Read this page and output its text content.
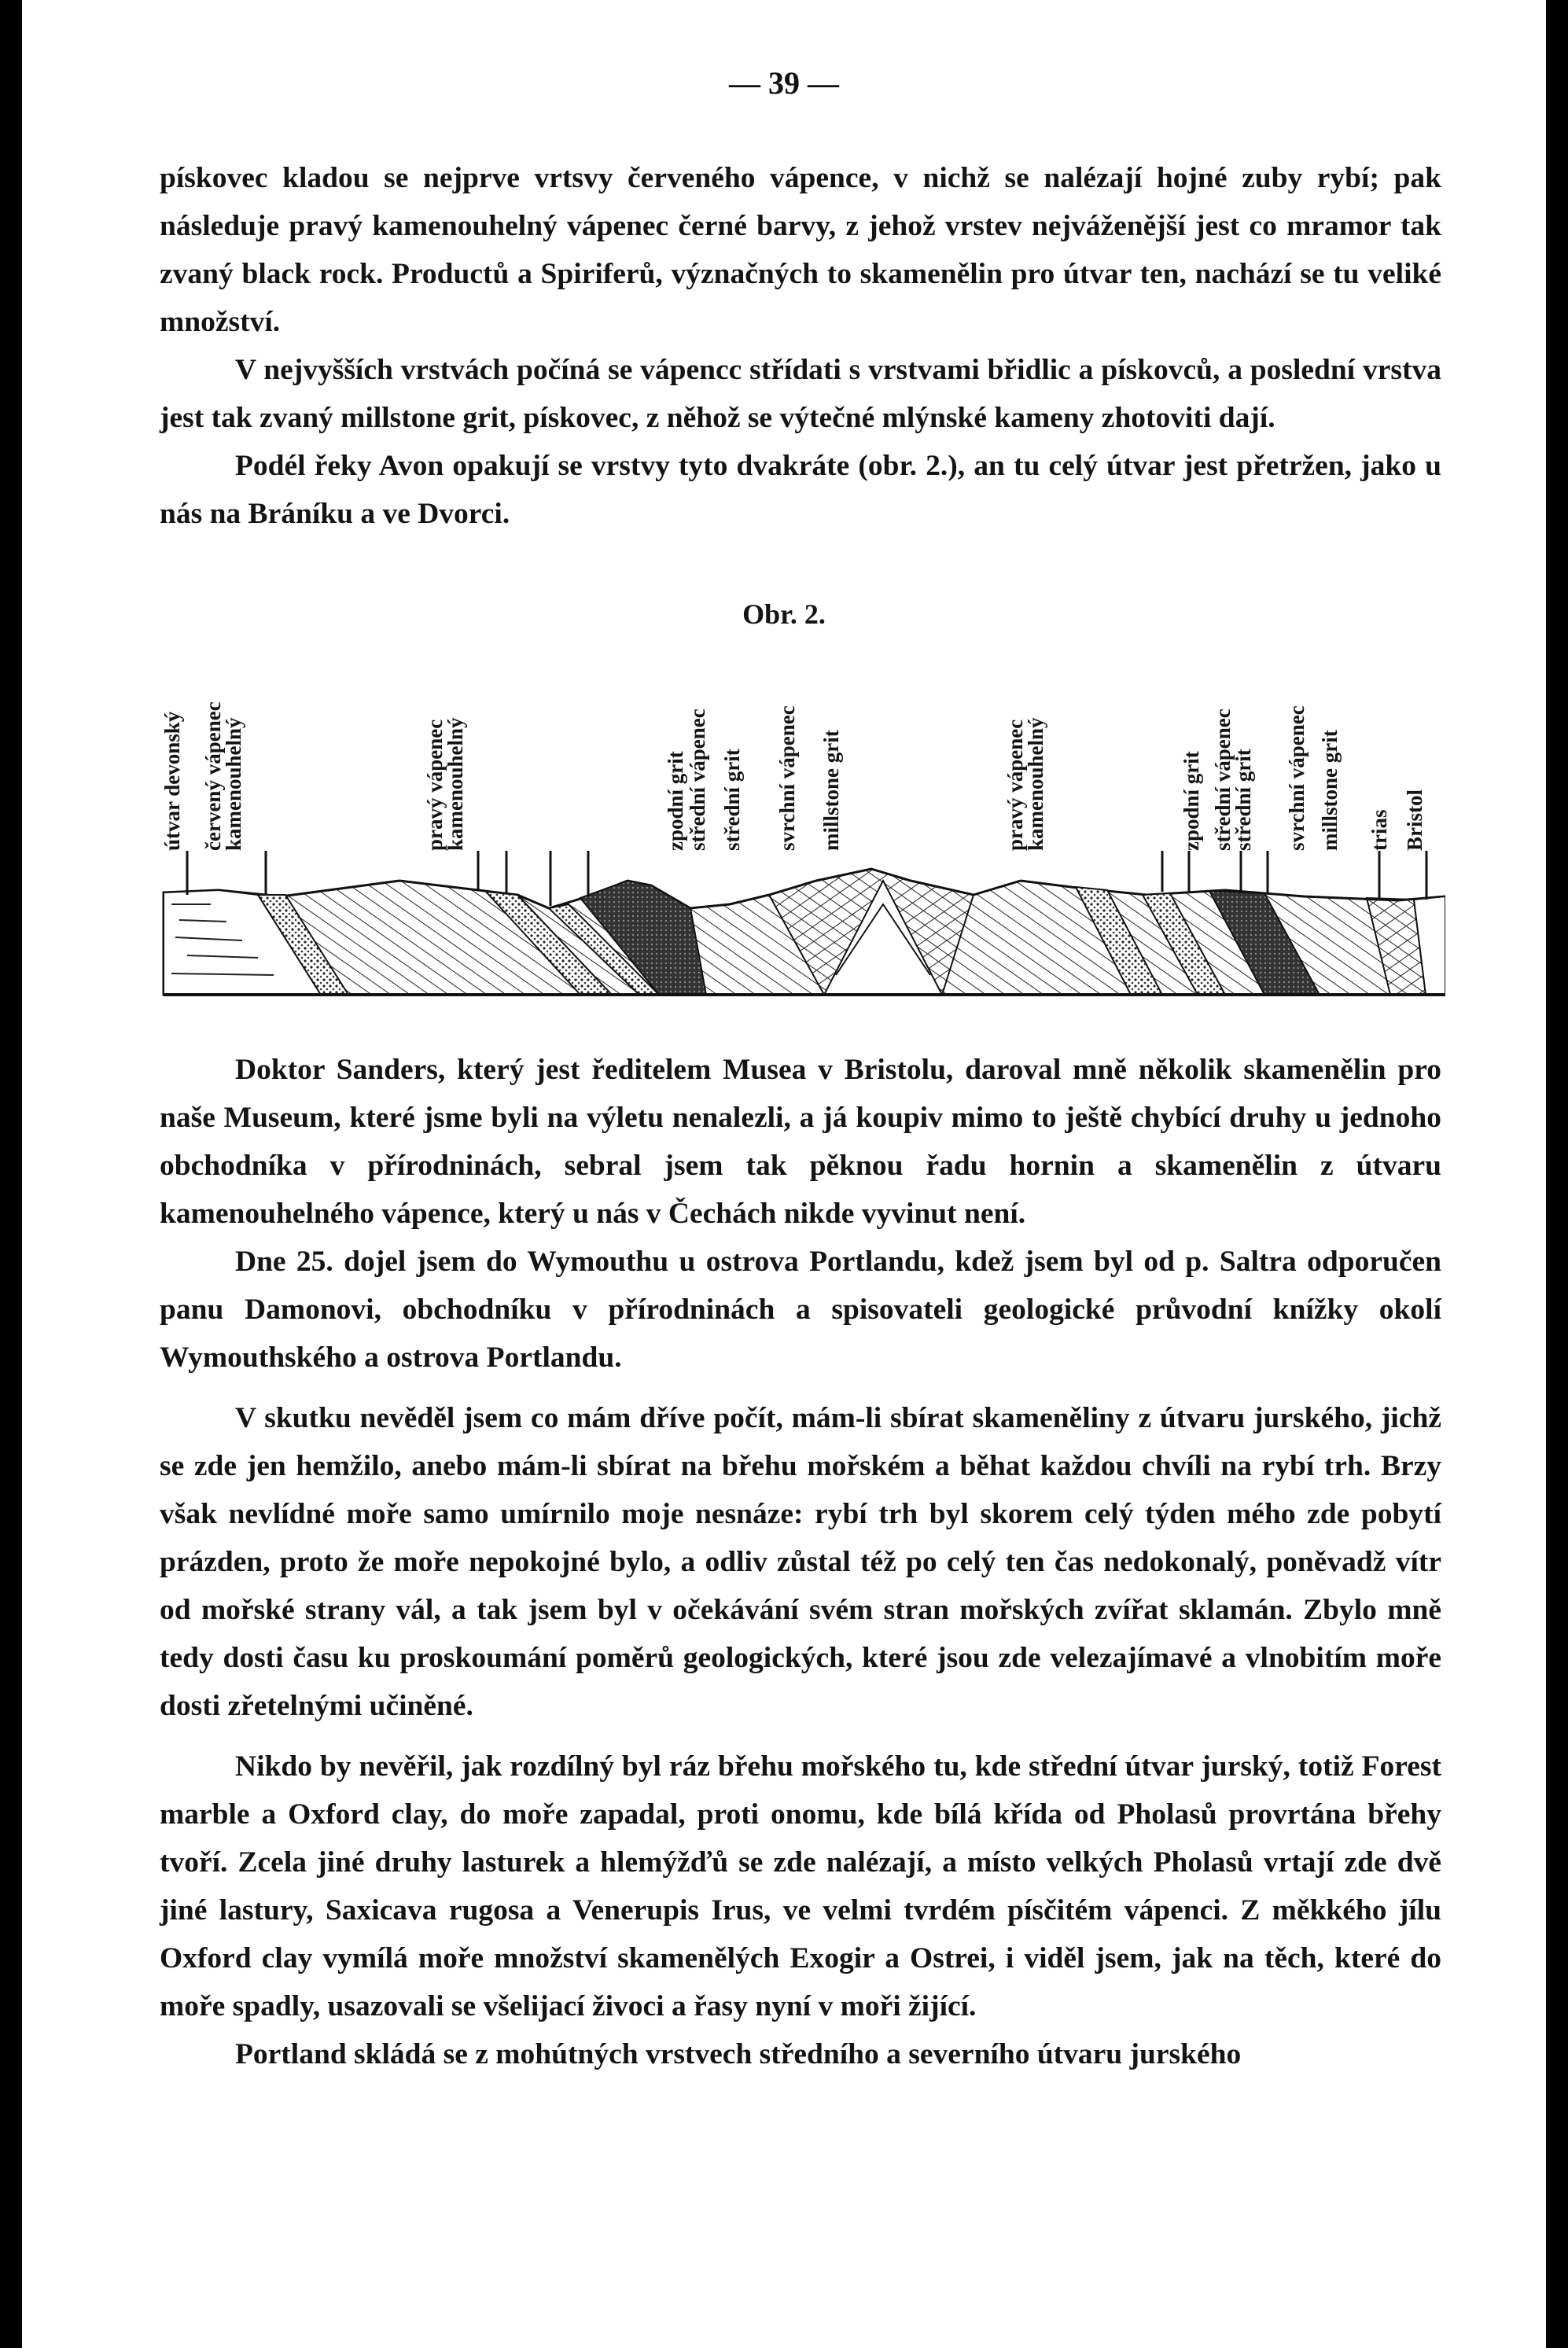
— 39 —

pískovec kladou se nejprve vrtsvy červeného vápence, v nichž se nalézají hojné zuby rybí; pak následuje pravý kamenouhelný vápenec černé barvy, z jehož vrstev nejváženější jest co mramor tak zvaný black rock. Productů a Spiriferů, význačných to skamenělin pro útvar ten, nachází se tu veliké množství.

V nejvyšších vrstvách počíná se vápencc střídati s vrstvami břidlic a pískovců, a poslední vrstva jest tak zvaný millstone grit, pískovec, z něhož se výtečné mlýnské kameny zhotoviti dají.

Podél řeky Avon opakují se vrstvy tyto dvakráte (obr. 2.), an tu celý útvar jest přetržen, jako u nás na Bráníku a ve Dvorci.

Obr. 2.
útvar devonský červený vápenec
kamenouhelný	pravý vápenec
kamenouhelný	zpodní grit
střední vápenec střední grit svrchní vápenec millstone grit	pravý vápenec
kamenouhelný	zpodní grit střední vápenec
střední grit svrchní vápenec millstone grit trias Bristol

Doktor Sanders, který jest ředitelem Musea v Bristolu, daroval mně několik skamenělin pro naše Museum, které jsme byli na výletu nenalezli, a já koupiv mimo to ještě chybící druhy u jednoho obchodníka v přírodninách, sebral jsem tak pěknou řadu hornin a skamenělin z útvaru kamenouhelného vápence, který u nás v Čechách nikde vyvinut není.

Dne 25. dojel jsem do Wymouthu u ostrova Portlandu, kdež jsem byl od p. Saltra odporučen panu Damonovi, obchodníku v přírodninách a spisovateli geologické průvodní knížky okolí Wymouthského a ostrova Portlandu.

V skutku nevěděl jsem co mám dříve počít, mám-li sbírat skameněliny z útvaru jurského, jichž se zde jen hemžilo, anebo mám-li sbírat na břehu mořském a běhat každou chvíli na rybí trh. Brzy však nevlídné moře samo umírnilo moje nesnáze: rybí trh byl skorem celý týden mého zde pobytí prázden, proto že moře nepokojné bylo, a odliv zůstal též po celý ten čas nedokonalý, poněvadž vítr od mořské strany vál, a tak jsem byl v očekávání svém stran mořských zvířat sklamán. Zbylo mně tedy dosti času ku proskoumání poměrů geologických, které jsou zde velezajímavé a vlnobitím moře dosti zřetelnými učiněné.

Nikdo by nevěřil, jak rozdílný byl ráz břehu mořského tu, kde střední útvar jurský, totiž Forest marble a Oxford clay, do moře zapadal, proti onomu, kde bílá křída od Pholasů provrtána břehy tvoří. Zcela jiné druhy lasturek a hlemýžďů se zde nalézají, a místo velkých Pholasů vrtají zde dvě jiné lastury, Saxicava rugosa a Venerupis Irus, ve velmi tvrdém písčitém vápenci. Z měkkého jílu Oxford clay vymílá moře množství skamenělých Exogir a Ostrei, i viděl jsem, jak na těch, které do moře spadly, usazovali se všelijací živoci a řasy nyní v moři žijící.

Portland skládá se z mohútných vrstvech středního a severního útvaru jurského
